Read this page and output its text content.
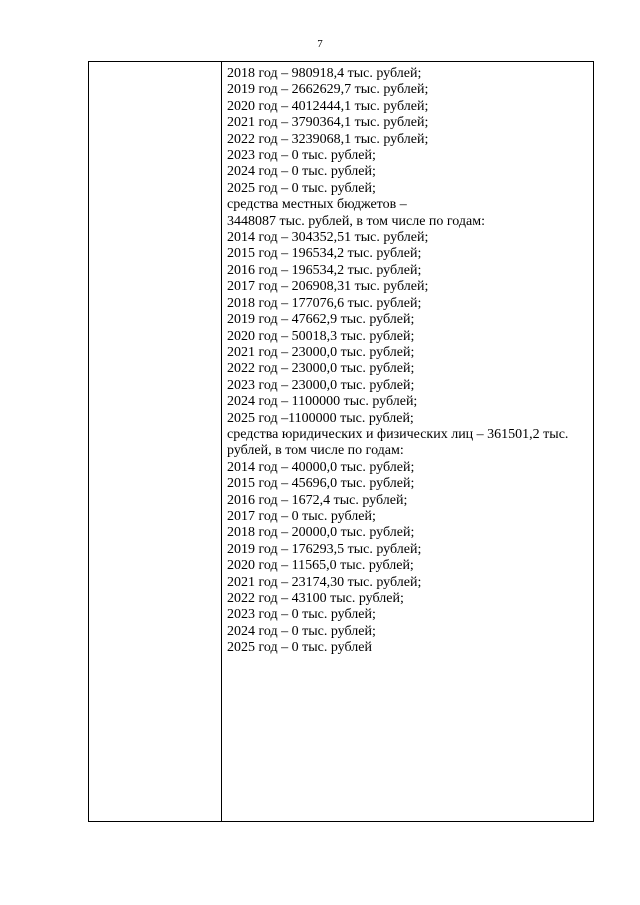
7
2018 год – 980918,4 тыс. рублей;
2019 год – 2662629,7 тыс. рублей;
2020 год – 4012444,1 тыс. рублей;
2021 год – 3790364,1 тыс. рублей;
2022 год – 3239068,1 тыс. рублей;
2023 год – 0 тыс. рублей;
2024 год – 0 тыс. рублей;
2025 год – 0 тыс. рублей;
средства местных бюджетов –
3448087 тыс. рублей, в том числе по годам:
2014 год – 304352,51 тыс. рублей;
2015 год – 196534,2 тыс. рублей;
2016 год – 196534,2 тыс. рублей;
2017 год – 206908,31 тыс. рублей;
2018 год – 177076,6 тыс. рублей;
2019 год – 47662,9 тыс. рублей;
2020 год – 50018,3 тыс. рублей;
2021 год – 23000,0 тыс. рублей;
2022 год – 23000,0 тыс. рублей;
2023 год – 23000,0 тыс. рублей;
2024 год – 1100000 тыс. рублей;
2025 год –1100000 тыс. рублей;
средства юридических и физических лиц – 361501,2 тыс.
рублей, в том числе по годам:
2014 год – 40000,0 тыс. рублей;
2015 год – 45696,0 тыс. рублей;
2016 год – 1672,4 тыс. рублей;
2017 год – 0 тыс. рублей;
2018 год – 20000,0 тыс. рублей;
2019 год – 176293,5 тыс. рублей;
2020 год – 11565,0 тыс. рублей;
2021 год – 23174,30 тыс. рублей;
2022 год – 43100 тыс. рублей;
2023 год – 0 тыс. рублей;
2024 год – 0 тыс. рублей;
2025 год – 0 тыс. рублей
